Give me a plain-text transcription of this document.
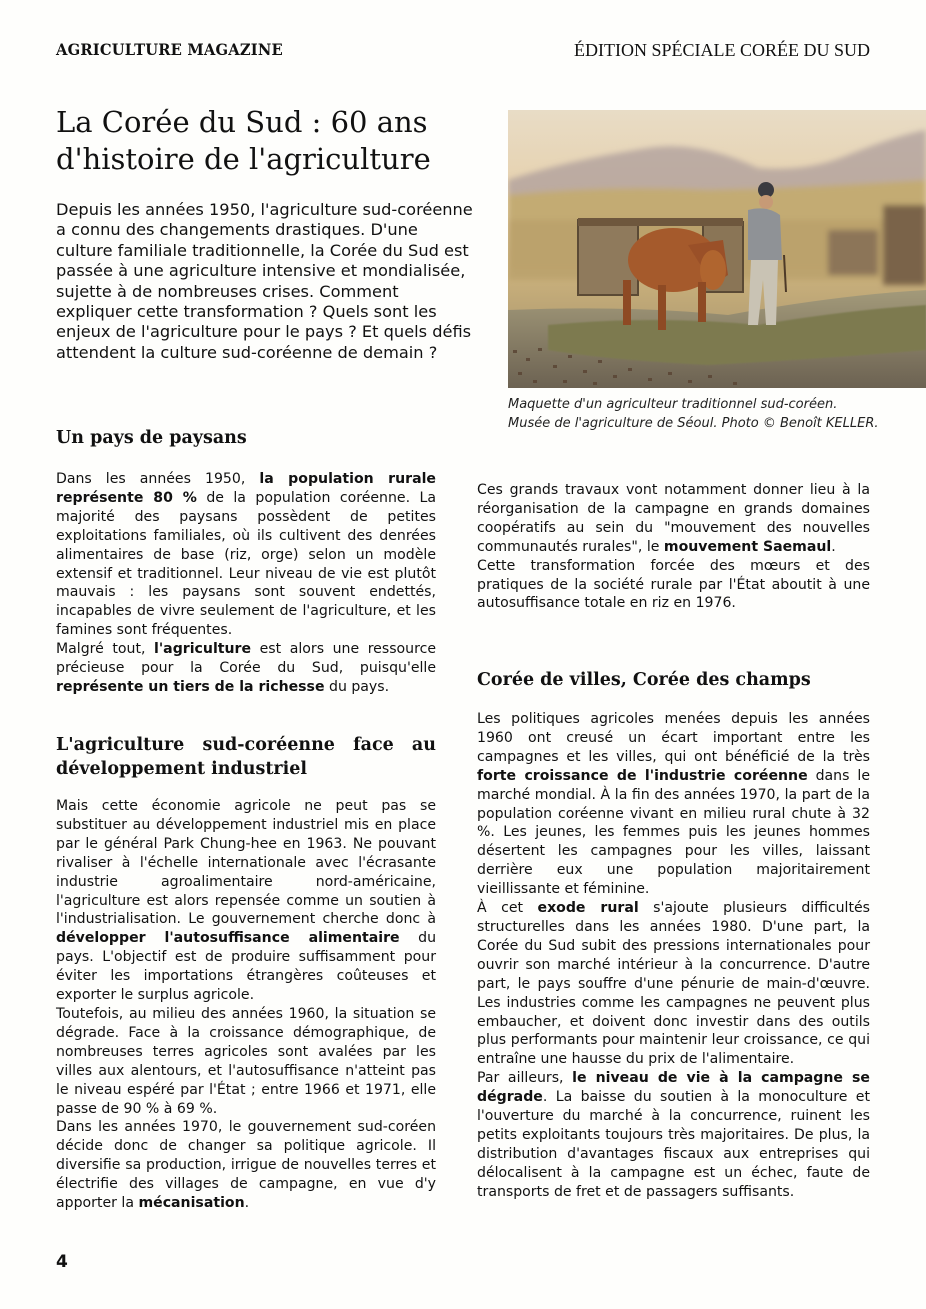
AGRICULTURE MAGAZINE	ÉDITION SPÉCIALE CORÉE DU SUD
La Corée du Sud : 60 ans d'histoire de l'agriculture

Depuis les années 1950, l'agriculture sud-coréenne a connu des changements drastiques. D'une culture familiale traditionnelle, la Corée du Sud est passée à une agriculture intensive et mondialisée, sujette à de nombreuses crises. Comment expliquer cette transformation ? Quels sont les enjeux de l'agriculture pour le pays ? Et quels défis attendent la culture sud-coréenne de demain ?

Maquette d'un agriculteur traditionnel sud-coréen.
Musée de l'agriculture de Séoul. Photo © Benoît KELLER.

Un pays de paysans

Dans les années 1950, la population rurale représente 80 % de la population coréenne. La majorité des paysans possèdent de petites exploitations familiales, où ils cultivent des denrées alimentaires de base (riz, orge) selon un modèle extensif et traditionnel. Leur niveau de vie est plutôt mauvais : les paysans sont souvent endettés, incapables de vivre seulement de l'agriculture, et les famines sont fréquentes.

Malgré tout, l'agriculture est alors une ressource précieuse pour la Corée du Sud, puisqu'elle représente un tiers de la richesse du pays.

L'agriculture sud-coréenne face au développement industriel

Mais cette économie agricole ne peut pas se substituer au développement industriel mis en place par le général Park Chung-hee en 1963. Ne pouvant rivaliser à l'échelle internationale avec l'écrasante industrie agroalimentaire nord-américaine, l'agriculture est alors repensée comme un soutien à l'industrialisation. Le gouvernement cherche donc à développer l'autosuffisance alimentaire du pays. L'objectif est de produire suffisamment pour éviter les importations étrangères coûteuses et exporter le surplus agricole.

Toutefois, au milieu des années 1960, la situation se dégrade. Face à la croissance démographique, de nombreuses terres agricoles sont avalées par les villes aux alentours, et l'autosuffisance n'atteint pas le niveau espéré par l'État ; entre 1966 et 1971, elle passe de 90 % à 69 %.

Dans les années 1970, le gouvernement sud-coréen décide donc de changer sa politique agricole. Il diversifie sa production, irrigue de nouvelles terres et électrifie des villages de campagne, en vue d'y apporter la mécanisation.

Ces grands travaux vont notamment donner lieu à la réorganisation de la campagne en grands domaines coopératifs au sein du "mouvement des nouvelles communautés rurales", le mouvement Saemaul.

Cette transformation forcée des mœurs et des pratiques de la société rurale par l'État aboutit à une autosuffisance totale en riz en 1976.

Corée de villes, Corée des champs

Les politiques agricoles menées depuis les années 1960 ont creusé un écart important entre les campagnes et les villes, qui ont bénéficié de la très forte croissance de l'industrie coréenne dans le marché mondial. À la fin des années 1970, la part de la population coréenne vivant en milieu rural chute à 32 %. Les jeunes, les femmes puis les jeunes hommes désertent les campagnes pour les villes, laissant derrière eux une population majoritairement vieillissante et féminine.

À cet exode rural s'ajoute plusieurs difficultés structurelles dans les années 1980. D'une part, la Corée du Sud subit des pressions internationales pour ouvrir son marché intérieur à la concurrence. D'autre part, le pays souffre d'une pénurie de main-d'œuvre. Les industries comme les campagnes ne peuvent plus embaucher, et doivent donc investir dans des outils plus performants pour maintenir leur croissance, ce qui entraîne une hausse du prix de l'alimentaire.

Par ailleurs, le niveau de vie à la campagne se dégrade. La baisse du soutien à la monoculture et l'ouverture du marché à la concurrence, ruinent les petits exploitants toujours très majoritaires. De plus, la distribution d'avantages fiscaux aux entreprises qui délocalisent à la campagne est un échec, faute de transports de fret et de passagers suffisants.

4
